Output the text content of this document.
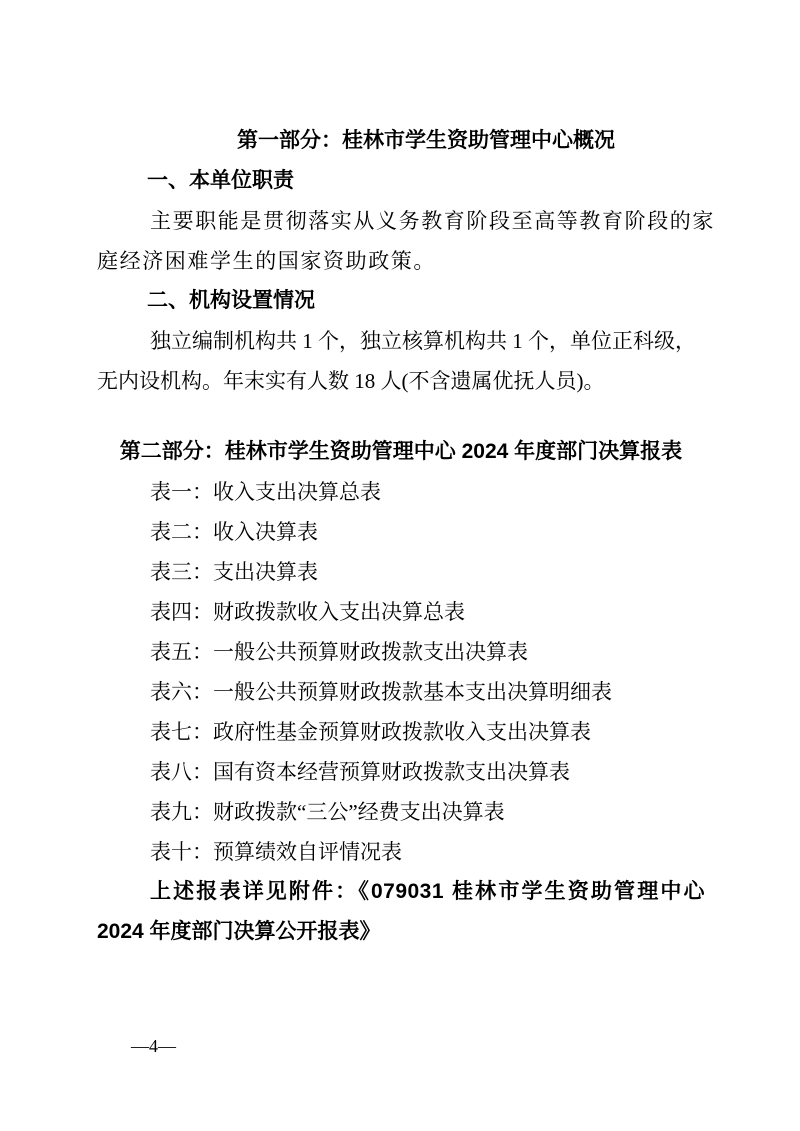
第一部分：桂林市学生资助管理中心概况
一、本单位职责
主要职能是贯彻落实从义务教育阶段至高等教育阶段的家
庭经济困难学生的国家资助政策。
二、机构设置情况
独立编制机构共 1 个，独立核算机构共 1 个，单位正科级，
无内设机构。年末实有人数 18 人(不含遗属优抚人员)。
第二部分：桂林市学生资助管理中心 2024 年度部门决算报表
表一：收入支出决算总表
表二：收入决算表
表三：支出决算表
表四：财政拨款收入支出决算总表
表五：一般公共预算财政拨款支出决算表
表六：一般公共预算财政拨款基本支出决算明细表
表七：政府性基金预算财政拨款收入支出决算表
表八：国有资本经营预算财政拨款支出决算表
表九：财政拨款“三公”经费支出决算表
表十：预算绩效自评情况表
上述报表详见附件：《079031 桂林市学生资助管理中心
2024 年度部门决算公开报表》
—4—
